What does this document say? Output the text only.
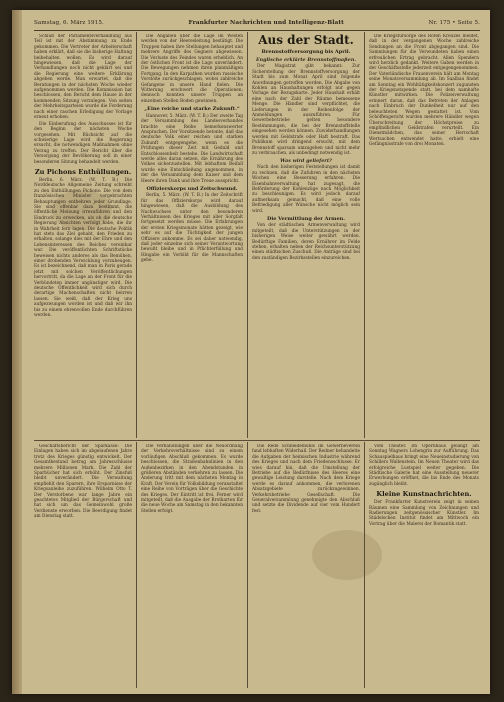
Samstag, 6. März 1915.	Frankfurter Nachrichten und Intelligenz-Blatt	Nr. 175 • Seite 5.

Schluß der Parlamentsverhandlung aus Teil ist mit der Abstimmung zu Ende gekommen. Die Vertreter der Arbeiterschaft haben erklärt, daß sie die bisherige Haltung beibehalten wollen. Es wird darauf hingewiesen, daß die Lage der Verhandlungen noch nicht geklärt sei und die Regierung eine weitere Erklärung abgeben werde. Man erwartet, daß die Beratungen in der nächsten Woche wieder aufgenommen werden. Die Kommission hat beschlossen, den Bericht dem Hause in der kommenden Sitzung vorzulegen. Von seiten der Mehrheitsparteien wurde die Forderung nach einer raschen Erledigung der Vorlage erneut erhoben.

Die Einberufung des Ausschusses ist für den Beginn der nächsten Woche vorgesehen. Mit Rücksicht auf die schwierige Lage wird die Regierung ersucht, die notwendigen Maßnahmen ohne Verzug zu treffen. Der Bericht über die Versorgung der Bevölkerung soll in einer besonderen Sitzung behandelt werden.

Zu Pichons Enthüllungen.

Berlin, 6. März. (W. T. B.) Die Norddeutsche Allgemeine Zeitung schreibt zu den Enthüllungen Pichons: Die von dem französischen Minister vorgebrachten Behauptungen entbehren jeder Grundlage. Sie sind offenbar dazu bestimmt, die öffentliche Meinung irrezuführen und den Eindruck zu erwecken, als ob die deutsche Regierung Absichten verfolgt habe, die ihr in Wahrheit fern lagen. Die deutsche Politik hat stets das Ziel gehabt, den Frieden zu erhalten, solange dies mit der Ehre und den Lebensinteressen des Reiches vereinbar war. Die veröffentlichten Schriftstücke beweisen nichts anderes als das Bemühen, einer drohenden Verwicklung vorzubeugen. Es ist bezeichnend, daß man in Paris gerade jetzt mit solchen Veröffentlichungen hervortritt, da die Lage an der Front für die Verbündeten immer ungünstiger wird. Die deutsche Öffentlichkeit wird sich durch derartige Machenschaften nicht beirren lassen. Sie weiß, daß der Krieg uns aufgezwungen worden ist und daß wir ihn bis zu einem ehrenvollen Ende durchführen werden.

Die Angaben über die Lage im Westen werden von der Heeresleitung bestätigt. Die Truppen haben ihre Stellungen behauptet und mehrere Angriffe des Gegners abgewiesen. Die Verluste des Feindes waren erheblich. An der östlichen Front ist die Lage unverändert. Die Bewegungen nehmen ihren planmäßigen Fortgang. In den Karpathen wurden russische Vorstöße zurückgeschlagen, wobei zahlreiche Gefangene in unsere Hand fielen. Die Witterung erschwert die Operationen; dennoch konnten unsere Truppen an einzelnen Stellen Boden gewinnen.

„Eine reiche und starke Zukunft.“

Hannover, 5. März. (W. T. B.) Der zweite Tag der Versammlung des Landesverbandes brachte eine Reihe bemerkenswerter Ansprachen. Der Vorsitzende betonte, daß das deutsche Volk einer reichen und starken Zukunft entgegengehe, wenn es die Prüfungen dieser Zeit mit Geduld und Entschlossenheit bestehe. Die Landwirtschaft werde alles daran setzen, die Ernährung des Volkes sicherzustellen. Mit lebhaftem Beifall wurde eine Entschließung angenommen, in der die Versammlung dem Kaiser und dem Heere ihren Dank und ihre Treue ausspricht.

Offizierskorps und Zeitschwund.

Berlin, 5. März. (W. T. B.) In der Zeitschrift für das Offizierskorps wird darauf hingewiesen, daß die Ausbildung des Nachwuchses unter den besonderen Verhältnissen des Krieges mit aller Sorgfalt fortgesetzt werden müsse. Die Erfahrungen der ersten Kriegsmonate hätten gezeigt, wie sehr es auf die Tüchtigkeit der jungen Offiziere ankomme. Es sei daher notwendig, daß jeder einzelne sich seiner Verantwortung bewußt bleibe und in Pflichterfüllung und Hingabe ein Vorbild für die Mannschaften gebe.

Aus der Stadt.
Brennstoffversorgung bis April.
Englische erklärte Brennstoffmaßen.

Der Magistrat gibt bekannt: Zur Sicherstellung der Brennstoffversorgung der Stadt bis zum Monat April sind folgende Anordnungen getroffen worden. Die Abgabe von Kohlen an Haushaltungen erfolgt nur gegen Vorlage der Bezugskarte. Jeder Haushalt erhält eine nach der Zahl der Räume bemessene Menge. Die Händler sind verpflichtet, die Lieferungen in der Reihenfolge der Anmeldungen auszuführen. Für Gewerbebetriebe gelten besondere Bestimmungen, die bei der Brennstoffstelle eingesehen werden können. Zuwiderhandlungen werden mit Geldstrafe oder Haft bestraft. Das Publikum wird dringend ersucht, mit dem Brennstoff sparsam umzugehen und nicht mehr zu verbrauchen, als unbedingt notwendig ist.

Was wird geliefert?

Nach den bisherigen Feststellungen ist damit zu rechnen, daß die Zufuhren in den nächsten Wochen eine Besserung erfahren. Die Eisenbahnverwaltung hat zugesagt, die Beförderung der Kohlenzüge nach Möglichkeit zu beschleunigen. Es wird jedoch darauf aufmerksam gemacht, daß eine volle Befriedigung aller Wünsche nicht möglich sein wird.

Die Vermittlung der Armen.

Von der städtischen Armenverwaltung wird mitgeteilt, daß die Unterstützungen in der bisherigen Weise weiter gewährt werden. Bedürftige Familien, deren Ernährer im Felde stehen, erhalten neben der Reichsunterstützung einen städtischen Zuschuß. Die Anträge sind bei den zuständigen Bezirksstellen einzureichen.

Die Kriegsfürsorge des Roten Kreuzes meldet, daß in der vergangenen Woche zahlreiche Sendungen an die Front abgegangen sind. Die Sammlungen für die Verwundeten haben einen erfreulichen Ertrag gebracht. Allen Spendern wird herzlich gedankt. Weitere Gaben werden in der Geschäftsstelle jederzeit entgegengenommen. Der Vaterländische Frauenverein hält am Montag seine Monatsversammlung ab. Im Saalbau findet am Sonntag ein Wohltätigkeitskonzert zugunsten der Kriegsnotspende statt, bei dem namhafte Künstler mitwirken. Die Polizeiverwaltung erinnert daran, daß das Betreten der Anlagen nach Einbruch der Dunkelheit nur auf den beleuchteten Wegen gestattet ist. Vom Schöffengericht wurden mehrere Händler wegen Überschreitung der Höchstpreise zu empfindlichen Geldstrafen verurteilt. Ein Dienstmädchen, das seiner Herrschaft Wertsachen entwendet hatte, erhielt eine Gefängnisstrafe von drei Monaten.

Geschäftsbericht der Sparkasse: Die Einlagen haben sich im abgelaufenen Jahre trotz des Krieges günstig entwickelt. Der Gesamtbestand betrug am Jahresschlusse mehrere Millionen Mark. Die Zahl der Sparbücher hat sich erhöht. Der Zinsfuß bleibt unverändert. Die Verwaltung empfiehlt den Sparern, ihre Ersparnisse der Kriegsanleihe zuzuführen. Wilhelm Otto T. Der Verstorbene war lange Jahre ein geachtetes Mitglied der Bürgerschaft und hat sich um das Gemeinwohl große Verdienste erworben. Die Beerdigung findet am Dienstag statt.

Die Verhandlungen über die Neuordnung der Verkehrsverhältnisse sind zu einem vorläufigen Abschluß gekommen. Es wurde beschlossen, die Straßenbahnlinien in den Außenbezirken in den Abendstunden in größeren Abständen verkehren zu lassen. Die Änderung tritt mit dem nächsten Montag in Kraft. Der Verein für Volksbildung veranstaltet eine Reihe von Vorträgen über die Geschichte des Krieges. Der Eintritt ist frei. Ferner wird mitgeteilt, daß die Ausgabe der Brotkarten für die neue Woche am Samstag in den bekannten Stellen erfolgt.

Die Rede Schneidemühls im Gewerbeverein fand lebhaften Widerhall. Der Redner behandelte die Aufgaben der heimischen Industrie während des Krieges und nach dem Friedensschlusse. Er wies darauf hin, daß die Umstellung der Betriebe auf die Bedürfnisse des Heeres eine gewaltige Leistung darstelle. Nach dem Kriege werde es darauf ankommen, die verlorenen Absatzgebiete zurückzugewinnen. Verkehrsbetriebe Gesellschaft. Die Generalversammlung genehmigte den Abschluß und setzte die Dividende auf vier vom Hundert fest.

Vom Theater. Im Opernhaus gelangt am Sonntag Wagners Lohengrin zur Aufführung. Das Schauspielhaus bringt eine Neueinstudierung von Schillers Wallenstein. Im Neuen Theater wird das erfolgreiche Lustspiel weiter gegeben. Die Städtische Galerie hat eine Ausstellung neuerer Erwerbungen eröffnet, die bis Ende des Monats zugänglich bleibt.

Kleine Kunstnachrichten.

Der Frankfurter Kunstverein zeigt in seinen Räumen eine Sammlung von Zeichnungen und Radierungen zeitgenössischer Künstler. Im Städelschen Institut findet am Mittwoch ein Vortrag über die Malerei der Romantik statt.
